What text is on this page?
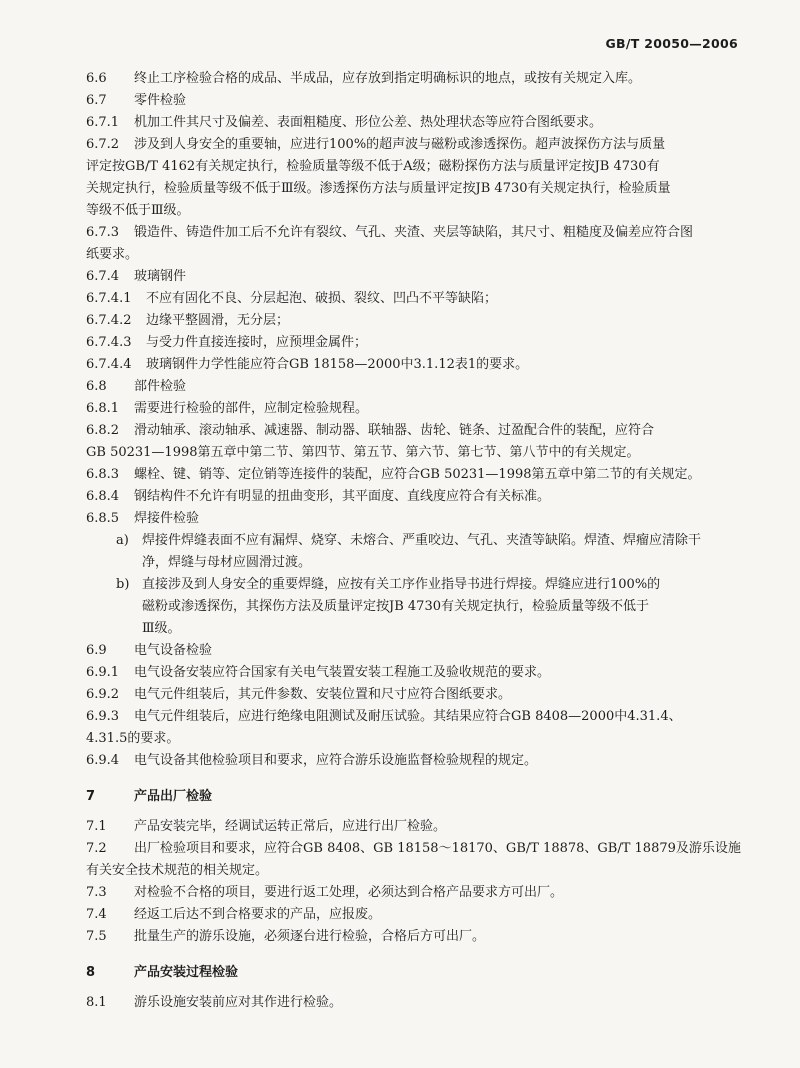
GB/T 20050—2006
6.6 终止工序检验合格的成品、半成品，应存放到指定明确标识的地点，或按有关规定入库。
6.7 零件检验
6.7.1 机加工件其尺寸及偏差、表面粗糙度、形位公差、热处理状态等应符合图纸要求。
6.7.2 涉及到人身安全的重要轴，应进行100%的超声波与磁粉或渗透探伤。超声波探伤方法与质量
评定按GB/T 4162有关规定执行，检验质量等级不低于A级；磁粉探伤方法与质量评定按JB 4730有
关规定执行，检验质量等级不低于Ⅲ级。渗透探伤方法与质量评定按JB 4730有关规定执行，检验质量
等级不低于Ⅲ级。
6.7.3 锻造件、铸造件加工后不允许有裂纹、气孔、夹渣、夹层等缺陷，其尺寸、粗糙度及偏差应符合图
纸要求。
6.7.4 玻璃钢件
6.7.4.1 不应有固化不良、分层起泡、破损、裂纹、凹凸不平等缺陷；
6.7.4.2 边缘平整圆滑，无分层；
6.7.4.3 与受力件直接连接时，应预埋金属件；
6.7.4.4 玻璃钢件力学性能应符合GB 18158—2000中3.1.12表1的要求。
6.8 部件检验
6.8.1 需要进行检验的部件，应制定检验规程。
6.8.2 滑动轴承、滚动轴承、减速器、制动器、联轴器、齿轮、链条、过盈配合件的装配，应符合
GB 50231—1998第五章中第二节、第四节、第五节、第六节、第七节、第八节中的有关规定。
6.8.3 螺栓、键、销等、定位销等连接件的装配，应符合GB 50231—1998第五章中第二节的有关规定。
6.8.4 钢结构件不允许有明显的扭曲变形，其平面度、直线度应符合有关标准。
6.8.5 焊接件检验
a) 焊接件焊缝表面不应有漏焊、烧穿、未熔合、严重咬边、气孔、夹渣等缺陷。焊渣、焊瘤应清除干
净，焊缝与母材应圆滑过渡。
b) 直接涉及到人身安全的重要焊缝，应按有关工序作业指导书进行焊接。焊缝应进行100%的
磁粉或渗透探伤，其探伤方法及质量评定按JB 4730有关规定执行，检验质量等级不低于
Ⅲ级。
6.9 电气设备检验
6.9.1 电气设备安装应符合国家有关电气装置安装工程施工及验收规范的要求。
6.9.2 电气元件组装后，其元件参数、安装位置和尺寸应符合图纸要求。
6.9.3 电气元件组装后，应进行绝缘电阻测试及耐压试验。其结果应符合GB 8408—2000中4.31.4、
4.31.5的要求。
6.9.4 电气设备其他检验项目和要求，应符合游乐设施监督检验规程的规定。
7	产品出厂检验
7.1 产品安装完毕，经调试运转正常后，应进行出厂检验。
7.2 出厂检验项目和要求，应符合GB 8408、GB 18158～18170、GB/T 18878、GB/T 18879及游乐设施
有关安全技术规范的相关规定。
7.3 对检验不合格的项目，要进行返工处理，必须达到合格产品要求方可出厂。
7.4 经返工后达不到合格要求的产品，应报废。
7.5 批量生产的游乐设施，必须逐台进行检验，合格后方可出厂。
8	产品安装过程检验
8.1 游乐设施安装前应对其作进行检验。
